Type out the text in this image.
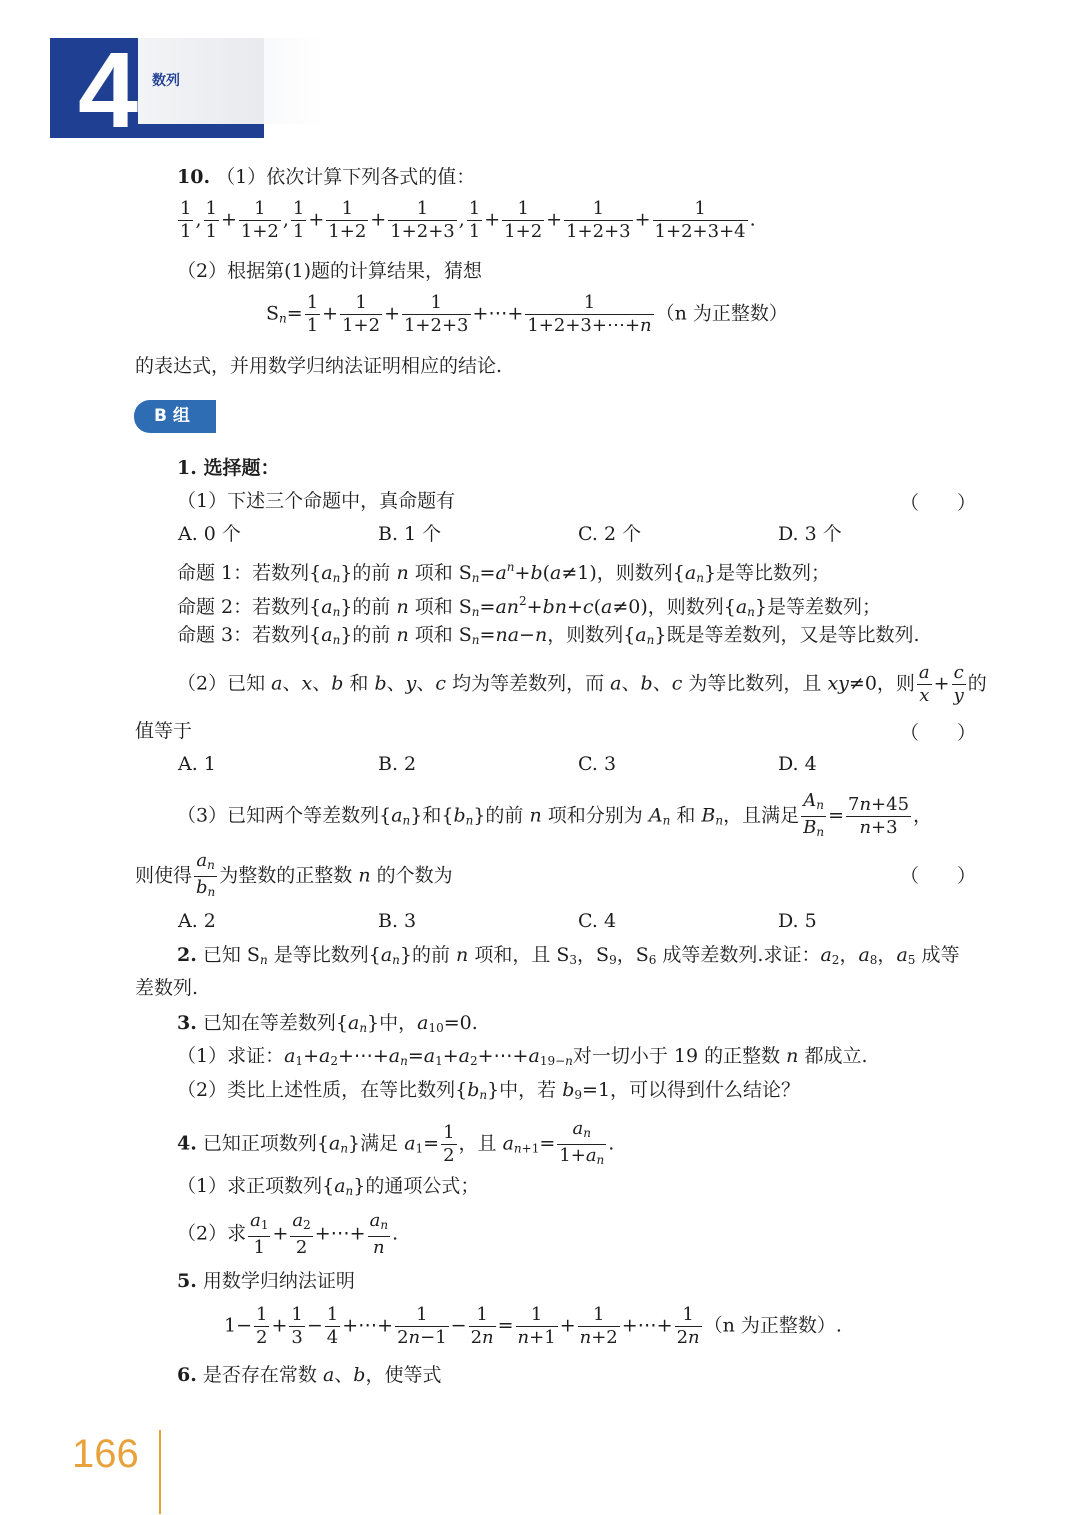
4 数列
10. （1）依次计算下列各式的值：
$\frac{1}{1}$ , $\frac{1}{1} + \frac{1}{1+2}$ , $\frac{1}{1} + \frac{1}{1+2} + \frac{1}{1+2+3}$ , $\frac{1}{1} + \frac{1}{1+2} + \frac{1}{1+2+3} + \frac{1}{1+2+3+4}$ .
（2）根据第(1)题的计算结果，猜想
$S_n= \frac{1}{1} + \frac{1}{1+2} + \frac{1}{1+2+3}$ +⋯+ $\frac{1}{1+2+3+\cdots+n} (n$ 为正整数）
的表达式，并用数学归纳法证明相应的结论.
B 组
1. 选择题：
（1）下述三个命题中，真命题有	（　　）
A. 0 个	B. 1 个	C. 2 个	D. 3 个
命题 1：若数列$\{a_n\}$的前 n 项和 $S_n=a^n+b(a\ne 1)$，则数列$\{a_n\}$是等比数列；
命题 2：若数列$\{a_n\}$的前 n 项和 $S_n=an^2+bn+c(a\ne 0)$，则数列$\{a_n\}$是等差数列；
命题 3：若数列$\{a_n\}$的前 n 项和 $S_n=na-n$，则数列$\{a_n\}$既是等差数列，又是等比数列.
（2）已知 a、x、b 和 b、y、c 均为等差数列，而 a、b、c 为等比数列，且 xy≠0，则 $\frac{a}{x} + \frac{c}{y}$ 的
值等于	（　　）
A. 1	B. 2	C. 3	D. 4
（3）已知两个等差数列$\{a_n\}$和$\{b_n\}$的前 n 项和分别为 $A_n$ 和 $B_n$，且满足 $\frac{A_n}{B_n} = \frac{7n+45}{n+3}$ ，
则使得 $\frac{a_n}{b_n}$ 为整数的正整数 n 的个数为	（　　）
A. 2	B. 3	C. 4	D. 5
2. 已知 $S_n$ 是等比数列$\{a_n\}$的前 n 项和，且 $S_3$，$S_9$，$S_6$ 成等差数列.求证：$a_2$，$a_8$，$a_5$ 成等
差数列.
3. 已知在等差数列$\{a_n\}$中，$a_{10}=0$.
（1）求证：$a_1+a_2+\cdots+a_n=a_1+a_2+\cdots+a_{19-n}$对一切小于 19 的正整数 n 都成立.
（2）类比上述性质，在等比数列$\{b_n\}$中，若 $b_9=1$，可以得到什么结论？
4. 已知正项数列$\{a_n\}$满足 $a_1= \frac{1}{2}$ ，且 $a_{n+1}= \frac{a_n}{1+a_n}$ .
（1）求正项数列$\{a_n\}$的通项公式；
（2）求 $\frac{a_1}{1} + \frac{a_2}{2}$ +⋯+ $\frac{a_n}{n}$ .
5. 用数学归纳法证明
$1- \frac{1}{2} + \frac{1}{3} - \frac{1}{4}$ +⋯+ $\frac{1}{2n-1} - \frac{1}{2n} = \frac{1}{n+1} + \frac{1}{n+2}$ +⋯+ $\frac{1}{2n} (n$ 为正整数）.
6. 是否存在常数 a、b，使等式
166
